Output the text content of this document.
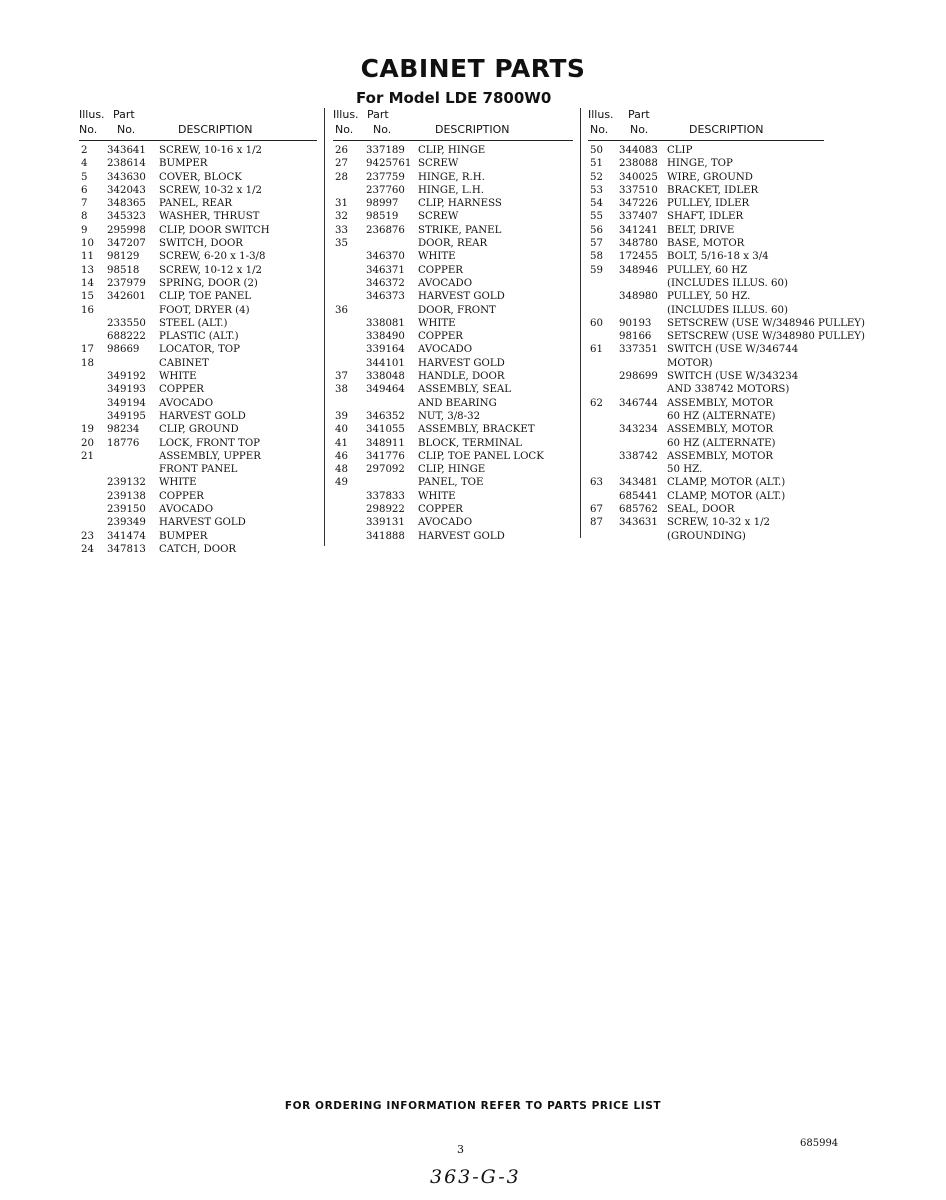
CABINET PARTS
For Model LDE 7800W0
Illus. Part
No. No.	DESCRIPTION
2 343641 SCREW, 10-16 x 1/2
4 238614 BUMPER
5 343630 COVER, BLOCK
6 342043 SCREW, 10-32 x 1/2
7 348365 PANEL, REAR
8 345323 WASHER, THRUST
9 295998 CLIP, DOOR SWITCH
10 347207 SWITCH, DOOR
11 98129 SCREW, 6-20 x 1-3/8
13 98518 SCREW, 10-12 x 1/2
14 237979 SPRING, DOOR (2)
15 342601 CLIP, TOE PANEL
16	FOOT, DRYER (4)
233550 STEEL (ALT.)
688222 PLASTIC (ALT.)
17 98669 LOCATOR, TOP
18	CABINET
349192 WHITE
349193 COPPER
349194 AVOCADO
349195 HARVEST GOLD
19 98234 CLIP, GROUND
20 18776 LOCK, FRONT TOP
21	ASSEMBLY, UPPER
FRONT PANEL
239132 WHITE
239138 COPPER
239150 AVOCADO
239349 HARVEST GOLD
23 341474 BUMPER
24 347813 CATCH, DOOR
Illus. Part
No. No.	DESCRIPTION
26 337189 CLIP, HINGE
27 9425761 SCREW
28 237759 HINGE, R.H.
237760 HINGE, L.H.
31 98997 CLIP, HARNESS
32 98519 SCREW
33 236876 STRIKE, PANEL
35	DOOR, REAR
346370 WHITE
346371 COPPER
346372 AVOCADO
346373 HARVEST GOLD
36	DOOR, FRONT
338081 WHITE
338490 COPPER
339164 AVOCADO
344101 HARVEST GOLD
37 338048 HANDLE, DOOR
38 349464 ASSEMBLY, SEAL
AND BEARING
39 346352 NUT, 3/8-32
40 341055 ASSEMBLY, BRACKET
41 348911 BLOCK, TERMINAL
46 341776 CLIP, TOE PANEL LOCK
48 297092 CLIP, HINGE
49	PANEL, TOE
337833 WHITE
298922 COPPER
339131 AVOCADO
341888 HARVEST GOLD
Illus. Part
No. No.	DESCRIPTION
50 344083 CLIP
51 238088 HINGE, TOP
52 340025 WIRE, GROUND
53 337510 BRACKET, IDLER
54 347226 PULLEY, IDLER
55 337407 SHAFT, IDLER
56 341241 BELT, DRIVE
57 348780 BASE, MOTOR
58 172455 BOLT, 5/16-18 x 3/4
59 348946 PULLEY, 60 HZ
(INCLUDES ILLUS. 60)
348980 PULLEY, 50 HZ.
(INCLUDES ILLUS. 60)
60 90193 SETSCREW (USE W/348946 PULLEY)
98166 SETSCREW (USE W/348980 PULLEY)
61 337351 SWITCH (USE W/346744
MOTOR)
298699 SWITCH (USE W/343234
AND 338742 MOTORS)
62 346744 ASSEMBLY, MOTOR
60 HZ (ALTERNATE)
343234 ASSEMBLY, MOTOR
60 HZ (ALTERNATE)
338742 ASSEMBLY, MOTOR
50 HZ.
63 343481 CLAMP, MOTOR (ALT.)
685441 CLAMP, MOTOR (ALT.)
67 685762 SEAL, DOOR
87 343631 SCREW, 10-32 x 1/2
(GROUNDING)
FOR ORDERING INFORMATION REFER TO PARTS PRICE LIST
3	685994
363-G-3
